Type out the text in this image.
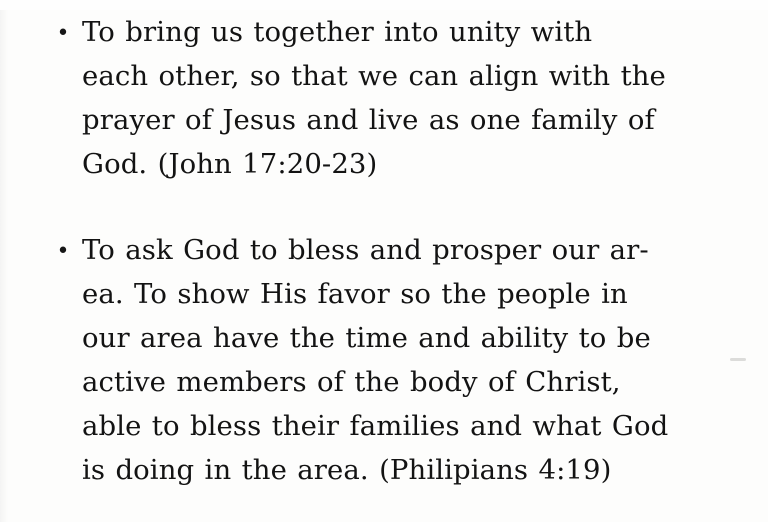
• To bring us together into unity with
each other, so that we can align with the
prayer of Jesus and live as one family of
God. (John 17:20-23)
• To ask God to bless and prosper our ar-
ea. To show His favor so the people in
our area have the time and ability to be
active members of the body of Christ,
able to bless their families and what God
is doing in the area. (Philipians 4:19)
